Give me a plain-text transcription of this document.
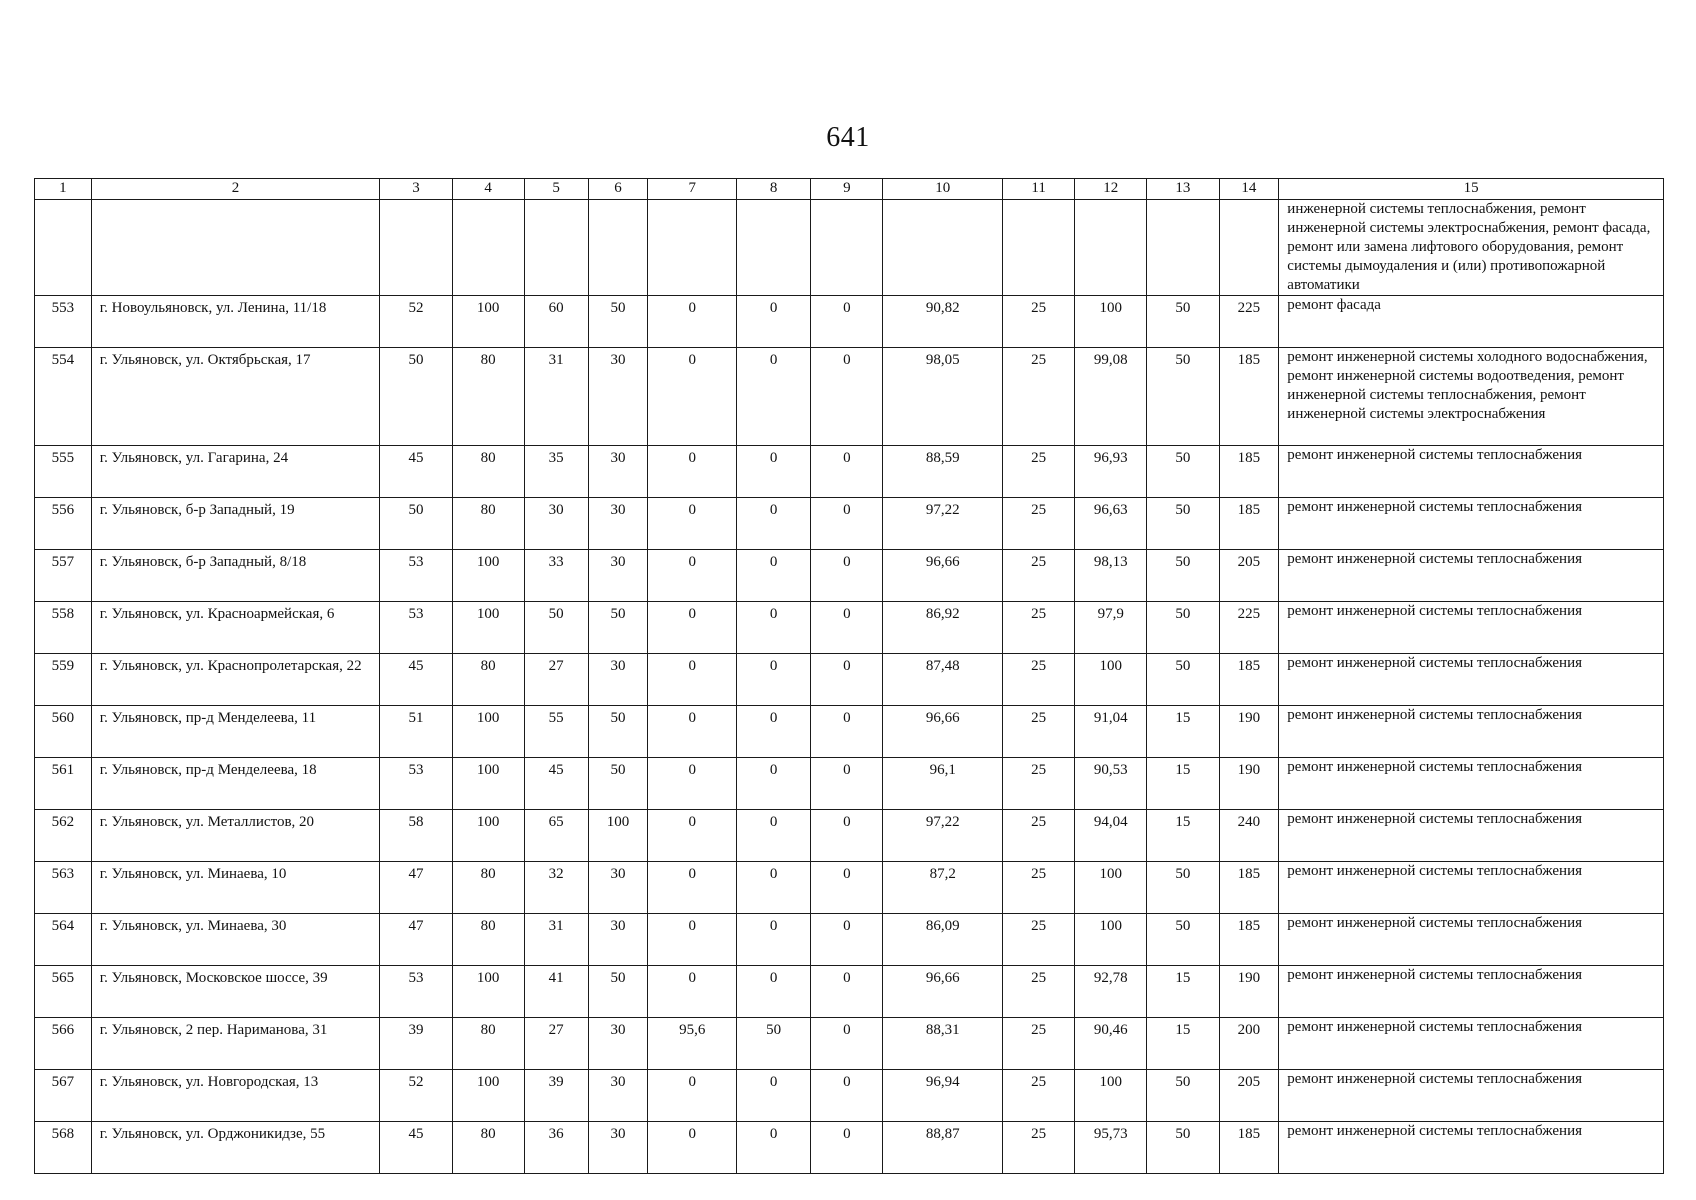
641
1	2	3	4	5	6	7	8	9	10	11	12	13	14	15
														инженерной системы теплоснабжения, ремонт инженерной системы электроснабжения, ремонт фасада, ремонт или замена лифтового оборудования, ремонт системы дымоудаления и (или) противопожарной автоматики
553	г. Новоульяновск, ул. Ленина, 11/18	52	100	60	50	0	0	0	90,82	25	100	50	225	ремонт фасада
554	г. Ульяновск, ул. Октябрьская, 17	50	80	31	30	0	0	0	98,05	25	99,08	50	185	ремонт инженерной системы холодного водоснабжения, ремонт инженерной системы водоотведения, ремонт инженерной системы теплоснабжения, ремонт инженерной системы электроснабжения
555	г. Ульяновск, ул. Гагарина, 24	45	80	35	30	0	0	0	88,59	25	96,93	50	185	ремонт инженерной системы теплоснабжения
556	г. Ульяновск, б-р Западный, 19	50	80	30	30	0	0	0	97,22	25	96,63	50	185	ремонт инженерной системы теплоснабжения
557	г. Ульяновск, б-р Западный, 8/18	53	100	33	30	0	0	0	96,66	25	98,13	50	205	ремонт инженерной системы теплоснабжения
558	г. Ульяновск, ул. Красноармейская, 6	53	100	50	50	0	0	0	86,92	25	97,9	50	225	ремонт инженерной системы теплоснабжения
559	г. Ульяновск, ул. Краснопролетарская, 22	45	80	27	30	0	0	0	87,48	25	100	50	185	ремонт инженерной системы теплоснабжения
560	г. Ульяновск, пр-д Менделеева, 11	51	100	55	50	0	0	0	96,66	25	91,04	15	190	ремонт инженерной системы теплоснабжения
561	г. Ульяновск, пр-д Менделеева, 18	53	100	45	50	0	0	0	96,1	25	90,53	15	190	ремонт инженерной системы теплоснабжения
562	г. Ульяновск, ул. Металлистов, 20	58	100	65	100	0	0	0	97,22	25	94,04	15	240	ремонт инженерной системы теплоснабжения
563	г. Ульяновск, ул. Минаева, 10	47	80	32	30	0	0	0	87,2	25	100	50	185	ремонт инженерной системы теплоснабжения
564	г. Ульяновск, ул. Минаева, 30	47	80	31	30	0	0	0	86,09	25	100	50	185	ремонт инженерной системы теплоснабжения
565	г. Ульяновск, Московское шоссе, 39	53	100	41	50	0	0	0	96,66	25	92,78	15	190	ремонт инженерной системы теплоснабжения
566	г. Ульяновск, 2 пер. Нариманова, 31	39	80	27	30	95,6	50	0	88,31	25	90,46	15	200	ремонт инженерной системы теплоснабжения
567	г. Ульяновск, ул. Новгородская, 13	52	100	39	30	0	0	0	96,94	25	100	50	205	ремонт инженерной системы теплоснабжения
568	г. Ульяновск, ул. Орджоникидзе, 55	45	80	36	30	0	0	0	88,87	25	95,73	50	185	ремонт инженерной системы теплоснабжения
